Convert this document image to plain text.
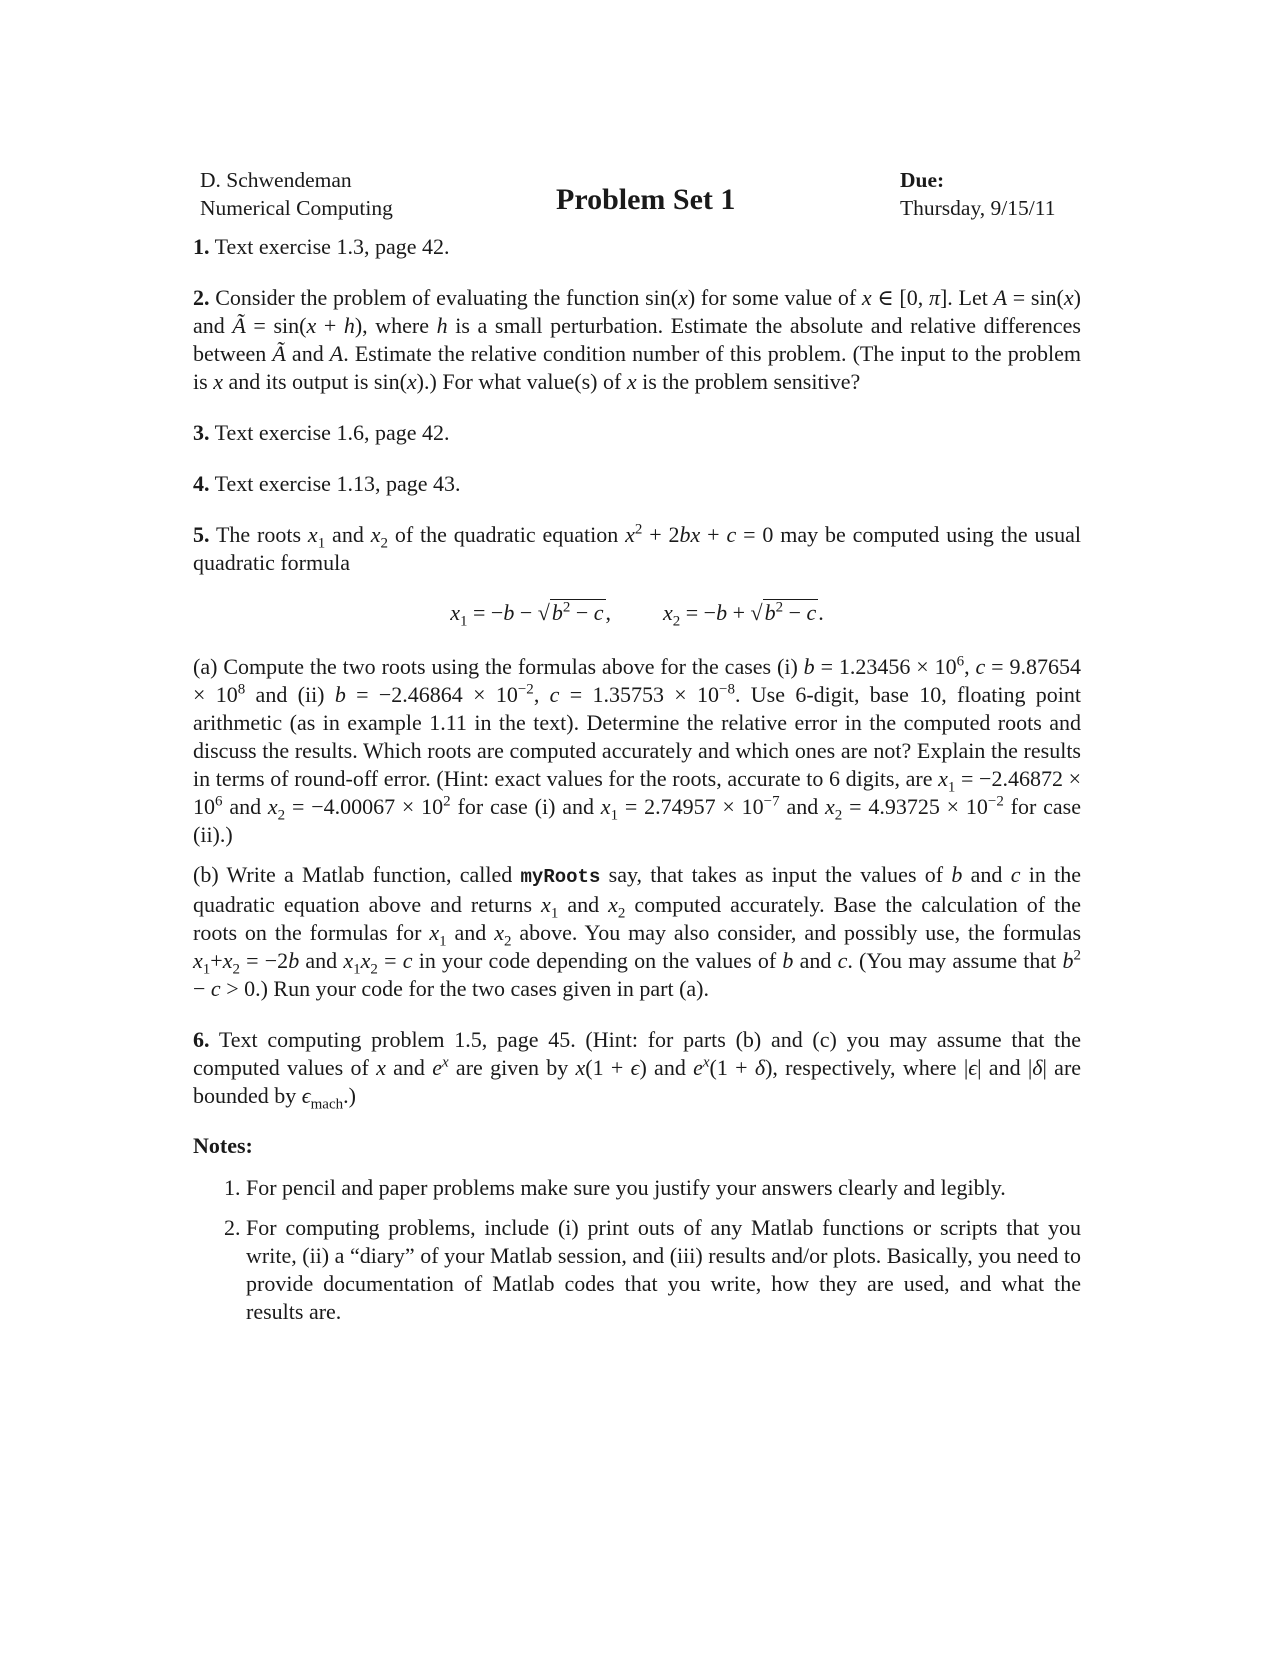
D. Schwendeman
Numerical Computing	Problem Set 1
Due:
Thursday, 9/15/11

1. Text exercise 1.3, page 42.

2. Consider the problem of evaluating the function sin(x) for some value of x ∈ [0, π]. Let A = sin(x) and Ã = sin(x + h), where h is a small perturbation. Estimate the absolute and relative differences between Ã and A. Estimate the relative condition number of this problem. (The input to the problem is x and its output is sin(x).) For what value(s) of x is the problem sensitive?

3. Text exercise 1.6, page 42.

4. Text exercise 1.13, page 43.

5. The roots $x_1$ and $x_2$ of the quadratic equation $x^2 + 2bx + c = 0$ may be computed using the usual quadratic formula

$x_1 = -b - √b^2 - c$, $x_2 = -b + √b^2 - c$.

(a) Compute the two roots using the formulas above for the cases (i) $b = 1.23456 \times 10^6$, $c = 9.87654 \times 10^8$ and (ii) $b = -2.46864 \times 10^{-2}$, $c = 1.35753 \times 10^{-8}$. Use 6-digit, base 10, floating point arithmetic (as in example 1.11 in the text). Determine the relative error in the computed roots and discuss the results. Which roots are computed accurately and which ones are not? Explain the results in terms of round-off error. (Hint: exact values for the roots, accurate to 6 digits, are $x_1 = -2.46872 \times 10^6$ and $x_2 = -4.00067 \times 10^2$ for case (i) and $x_1 = 2.74957 \times 10^{-7}$ and $x_2 = 4.93725 \times 10^{-2}$ for case (ii).)

(b) Write a Matlab function, called myRoots say, that takes as input the values of b and c in the quadratic equation above and returns $x_1$ and $x_2$ computed accurately. Base the calculation of the roots on the formulas for $x_1$ and $x_2$ above. You may also consider, and possibly use, the formulas $x_1+x_2 = -2b$ and $x_1x_2 = c$ in your code depending on the values of b and c. (You may assume that $b^2 - c > 0$.) Run your code for the two cases given in part (a).

6. Text computing problem 1.5, page 45. (Hint: for parts (b) and (c) you may assume that the computed values of x and $e^x$ are given by x(1 + ϵ) and $e^x(1 + \delta)$, respectively, where |ϵ| and |δ| are bounded by $\epsilon_{mach}$.)

Notes:
1. For pencil and paper problems make sure you justify your answers clearly and legibly.
2. For computing problems, include (i) print outs of any Matlab functions or scripts that you write, (ii) a “diary” of your Matlab session, and (iii) results and/or plots. Basically, you need to provide documentation of Matlab codes that you write, how they are used, and what the results are.
